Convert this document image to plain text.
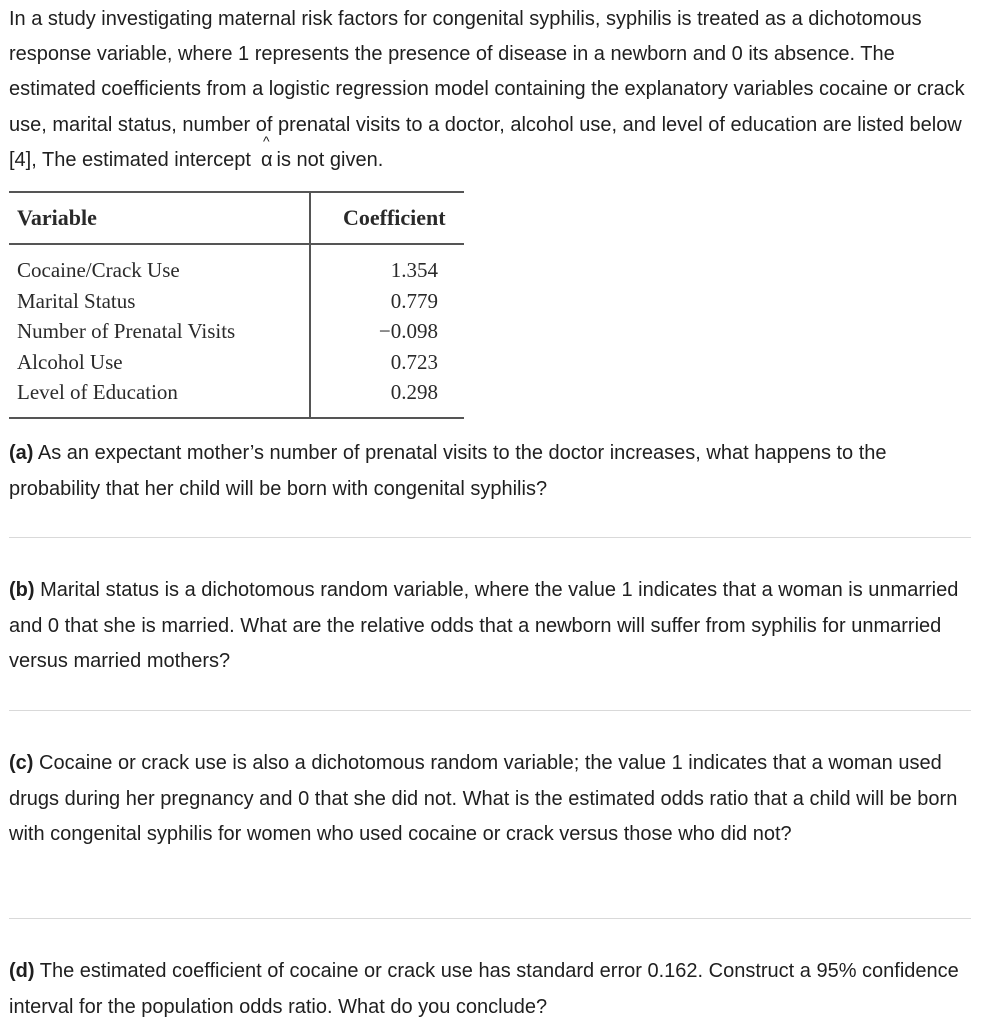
In a study investigating maternal risk factors for congenital syphilis, syphilis is treated as a dichotomous response variable, where 1 represents the presence of disease in a newborn and 0 its absence. The estimated coefficients from a logistic regression model containing the explanatory variables cocaine or crack use, marital status, number of prenatal visits to a doctor, alcohol use, and level of education are listed below [4], The estimated intercept
^
α is not given.

Variable	Coefficient
Cocaine/Crack Use	1.354
Marital Status	0.779
Number of Prenatal Visits	−0.098
Alcohol Use	0.723
Level of Education	0.298

(a) As an expectant mother’s number of prenatal visits to the doctor increases, what happens to the probability that her child will be born with congenital syphilis?

(b) Marital status is a dichotomous random variable, where the value 1 indicates that a woman is unmarried and 0 that she is married. What are the relative odds that a newborn will suffer from syphilis for unmarried versus married mothers?

(c) Cocaine or crack use is also a dichotomous random variable; the value 1 indicates that a woman used drugs during her pregnancy and 0 that she did not. What is the estimated odds ratio that a child will be born with congenital syphilis for women who used cocaine or crack versus those who did not?

(d) The estimated coefficient of cocaine or crack use has standard error 0.162. Construct a 95% confidence interval for the population odds ratio. What do you conclude?
